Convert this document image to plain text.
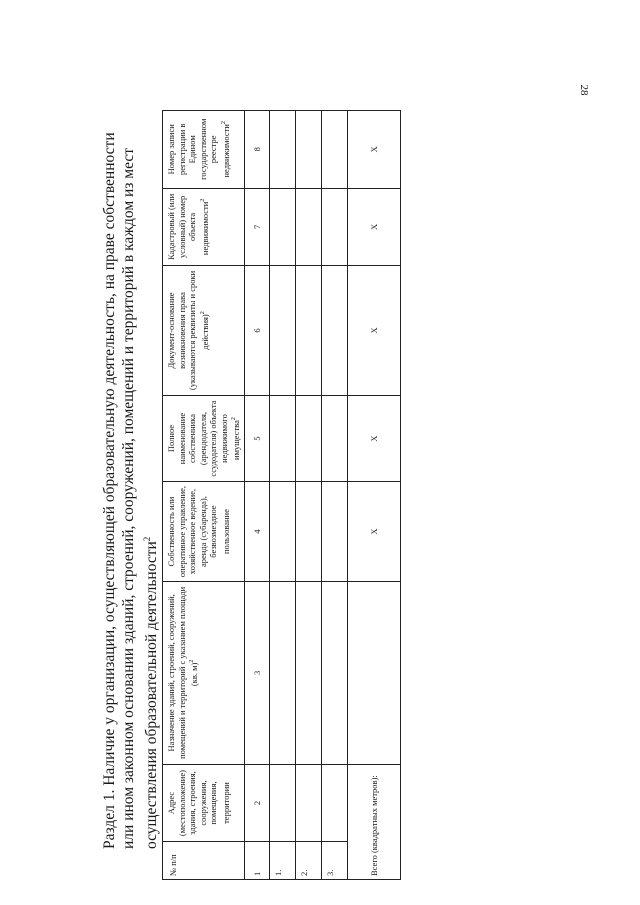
28
Раздел 1. Наличие у организации, осуществляющей образовательную деятельность, на праве собственности или ином законном основании зданий, строений, сооружений, помещений и территорий в каждом из мест осуществления образовательной деятельности$^2$
№ п/п	Адрес (местоположение) здания, строения, сооружения, помещения, территории	Назначение зданий, строений, сооружений, помещений и территорий с указанием площади (кв. м)$^2$	Собственность или оперативное управление, хозяйственное ведение, аренда (субаренда), безвозмездное пользование	Полное наименование собственника (арендодателя, ссудодателя) объекта недвижимого имущества$^2$	Документ-основание возникновения права (указываются реквизиты и сроки действия)$^2$	Кадастровый (или условный) номер объекта недвижимости$^2$	Номер записи регистрации в Едином государственном реестре недвижимости$^2$
1	2	3	4	5	6	7	8
1.							
2.							
3.							
Всего (квадратных метров):			X	X	X	X	X
